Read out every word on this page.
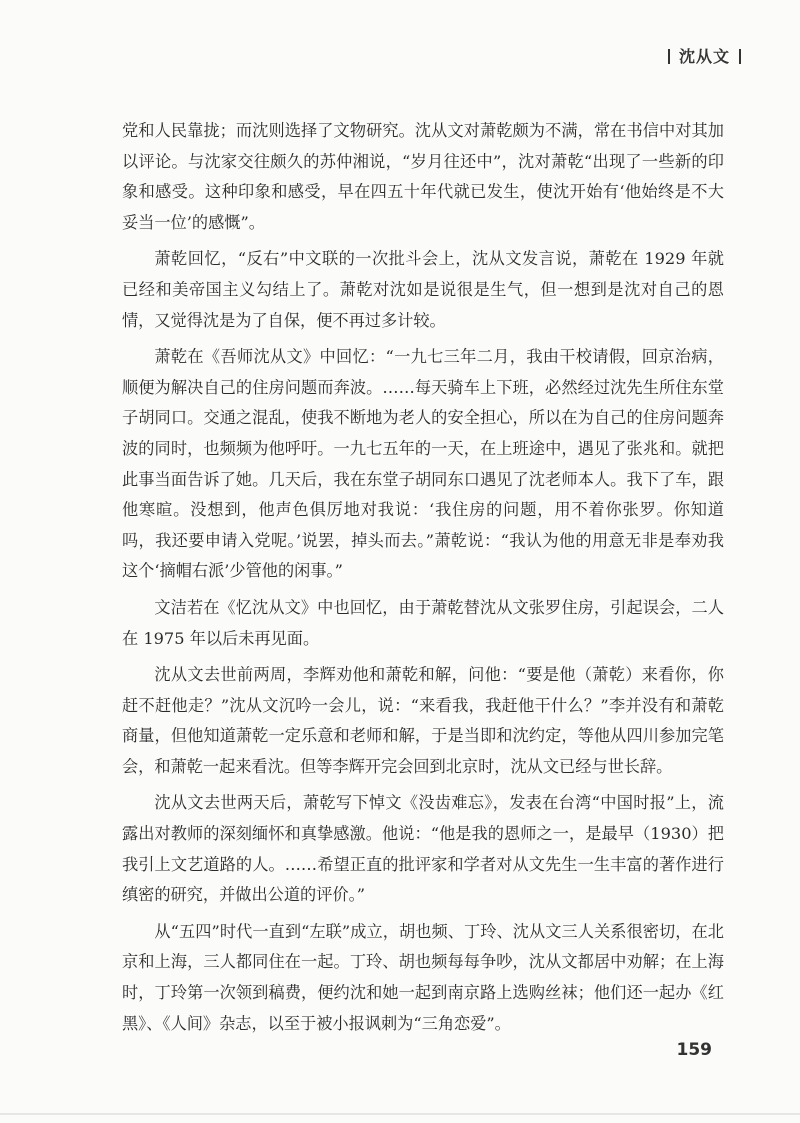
沈从文

党和人民靠拢；而沈则选择了文物研究。沈从文对萧乾颇为不满，常在书信中对其加以评论。与沈家交往颇久的苏仲湘说，“岁月往还中”，沈对萧乾“出现了一些新的印象和感受。这种印象和感受，早在四五十年代就已发生，使沈开始有‘他始终是不大妥当一位’的感慨”。

萧乾回忆，“反右”中文联的一次批斗会上，沈从文发言说，萧乾在 1929 年就已经和美帝国主义勾结上了。萧乾对沈如是说很是生气，但一想到是沈对自己的恩情，又觉得沈是为了自保，便不再过多计较。

萧乾在《吾师沈从文》中回忆：“一九七三年二月，我由干校请假，回京治病，顺便为解决自己的住房问题而奔波。……每天骑车上下班，必然经过沈先生所住东堂子胡同口。交通之混乱，使我不断地为老人的安全担心，所以在为自己的住房问题奔波的同时，也频频为他呼吁。一九七五年的一天，在上班途中，遇见了张兆和。就把此事当面告诉了她。几天后，我在东堂子胡同东口遇见了沈老师本人。我下了车，跟他寒暄。没想到，他声色俱厉地对我说：‘我住房的问题，用不着你张罗。你知道吗，我还要申请入党呢。’说罢，掉头而去。”萧乾说：“我认为他的用意无非是奉劝我这个‘摘帽右派’少管他的闲事。”

文洁若在《忆沈从文》中也回忆，由于萧乾替沈从文张罗住房，引起误会，二人在 1975 年以后未再见面。

沈从文去世前两周，李辉劝他和萧乾和解，问他：“要是他（萧乾）来看你，你赶不赶他走？”沈从文沉吟一会儿，说：“来看我，我赶他干什么？”李并没有和萧乾商量，但他知道萧乾一定乐意和老师和解，于是当即和沈约定，等他从四川参加完笔会，和萧乾一起来看沈。但等李辉开完会回到北京时，沈从文已经与世长辞。

沈从文去世两天后，萧乾写下悼文《没齿难忘》，发表在台湾“中国时报”上，流露出对教师的深刻缅怀和真挚感激。他说：“他是我的恩师之一，是最早（1930）把我引上文艺道路的人。……希望正直的批评家和学者对从文先生一生丰富的著作进行缜密的研究，并做出公道的评价。”

从“五四”时代一直到“左联”成立，胡也频、丁玲、沈从文三人关系很密切，在北京和上海，三人都同住在一起。丁玲、胡也频每每争吵，沈从文都居中劝解；在上海时，丁玲第一次领到稿费，便约沈和她一起到南京路上选购丝袜；他们还一起办《红黑》、《人间》杂志，以至于被小报讽刺为“三角恋爱”。

159
